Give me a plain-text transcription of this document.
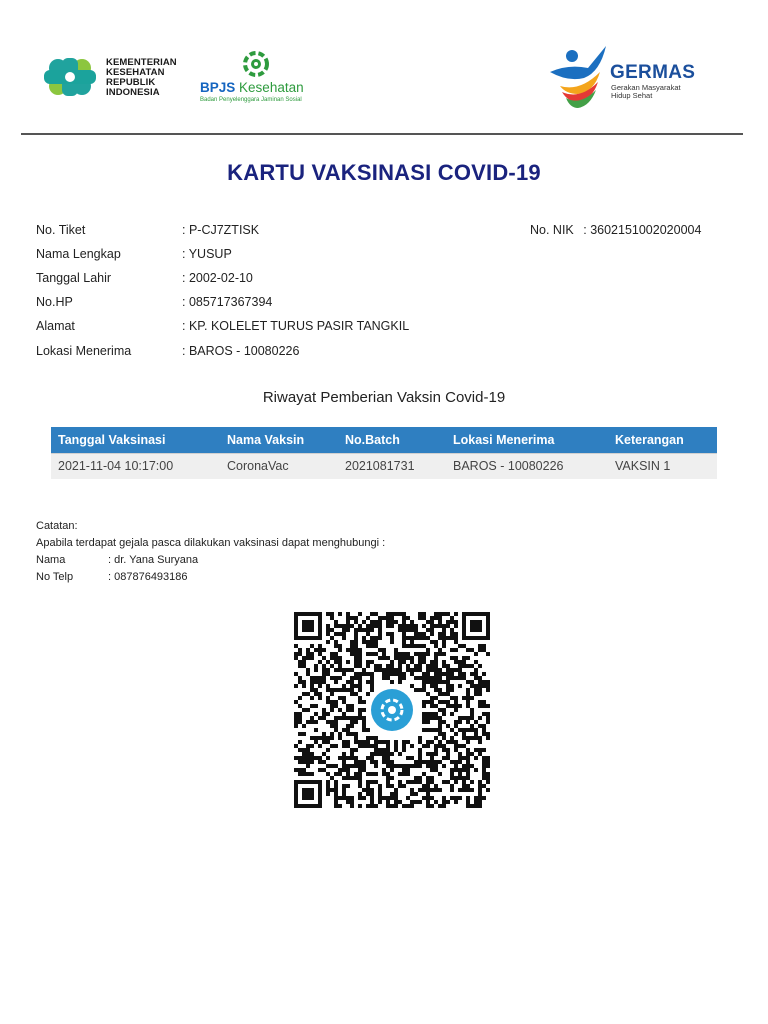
KEMENTERIAN
KESEHATAN
REPUBLIK
INDONESIA	BPJS Kesehatan
Badan Penyelenggara Jaminan Sosial
GERMAS
Gerakan Masyarakat
Hidup Sehat
KARTU VAKSINASI COVID-19
No. Tiket	: P-CJ7ZTISK
Nama Lengkap	: YUSUP
Tanggal Lahir	: 2002-02-10
No.HP	: 085717367394
Alamat	: KP. KOLELET TURUS PASIR TANGKIL
Lokasi Menerima	: BAROS - 10080226
No. NIK : 3602151002020004
Riwayat Pemberian Vaksin Covid-19
Tanggal Vaksinasi	Nama Vaksin	No.Batch	Lokasi Menerima	Keterangan
2021-11-04 10:17:00	CoronaVac	2021081731	BAROS - 10080226	VAKSIN 1
Catatan:
Apabila terdapat gejala pasca dilakukan vaksinasi dapat menghubungi :
Nama	: dr. Yana Suryana
No Telp	: 087876493186
